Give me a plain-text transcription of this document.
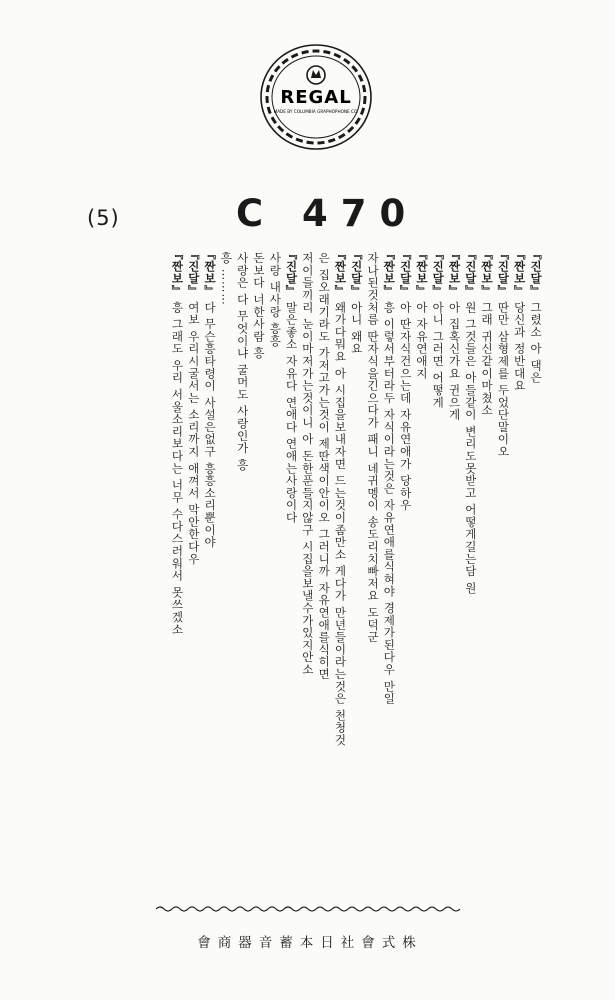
REGAL
MADE BY COLUMBIA GRAPHOPHONE CO.
(5)	C 470
『진달』그렸소 아 댁은
『짠보』당신과 정반대요
『진달』딴만 삼형제를 두었단말이오
『짠보』그래 귀신같이마쳤소
『진달』원 그것들은 아들같이 변리도못받고 어떻게길는담 원
『짠보』아 집혹신가요 귄으게
『진달』아니 그러면 어떻게
『짠보』아 자유연애지
『진달』아 딴자식건으는데 자유연애가 당하우
『짠보』흥 이렇서부터라두 자식이라는것은 자유연애를식혀야 경제가된다우 만일
자나된것처름 딴자식을긴으다가 패니 네귀멩이 송도리치빠저요 도덕군
『진달』아니 왜요
『짠보』왜가다뭐요 아 시집을보내자면 드는것이좀만소 게다가 만년들이라는것은 천청것
은 집오래기라도 가저고가는것이 제딴색이안이오 그러니까 자유연애를식히면
저이들끼리 눈이마저가는것이니 아 돈한푼들지않구 시집을보낼수가있지안소
『진달』말은좋소 자유다 연애다 연애는사랑이다
사랑 내사랑 흥흥
돈보다 너한사람 흥
사랑은 다 무엇이냐 굴머도 사랑인가 흥
흥 ………
『짠보』다 무슨흥타령이 사설은없구 흥흥소리뿐이야
『진달』여보 우리시굴서는 소리까지 애껴서 막안한다우
『짠보』흥 그래도 우리 서울소리보다는 너무 수다스러워서 못쓰겠소
會商器音蓄本日社會式株
